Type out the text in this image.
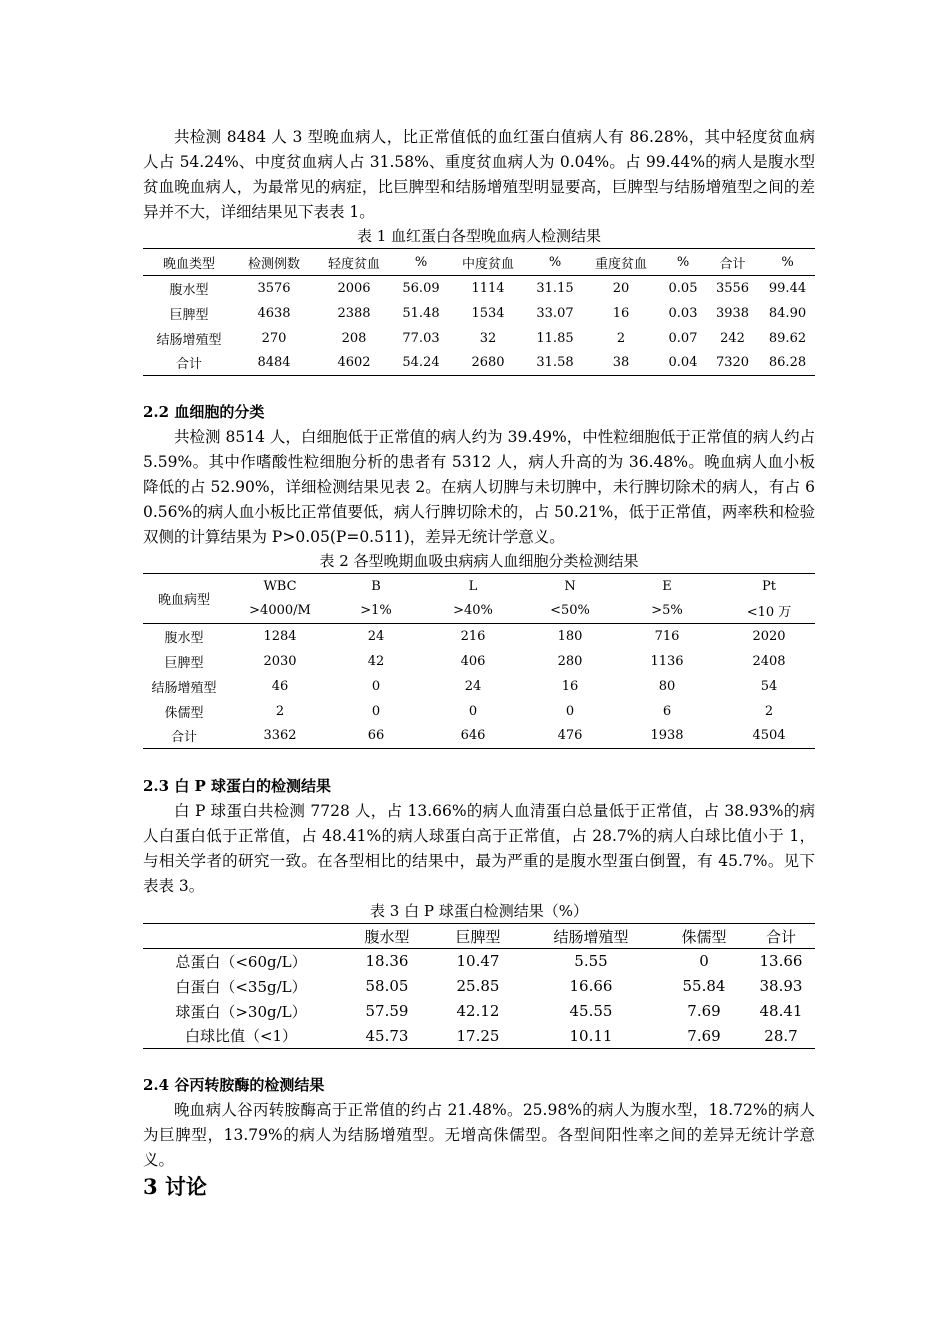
共检测 8484 人 3 型晚血病人，比正常值低的血红蛋白值病人有 86.28%，其中轻度贫血病人占 54.24%、中度贫血病人占 31.58%、重度贫血病人为 0.04%。占 99.44%的病人是腹水型贫血晚血病人，为最常见的病症，比巨脾型和结肠增殖型明显要高，巨脾型与结肠增殖型之间的差异并不大，详细结果见下表表 1。

表 1 血红蛋白各型晚血病人检测结果
晚血类型	检测例数	轻度贫血	%	中度贫血	%	重度贫血	%	合计	%
腹水型	3576	2006	56.09	1114	31.15	20	0.05	3556	99.44
巨脾型	4638	2388	51.48	1534	33.07	16	0.03	3938	84.90
结肠增殖型	270	208	77.03	32	11.85	2	0.07	242	89.62
合计	8484	4602	54.24	2680	31.58	38	0.04	7320	86.28

2.2 血细胞的分类

共检测 8514 人，白细胞低于正常值的病人约为 39.49%，中性粒细胞低于正常值的病人约占 5.59%。其中作嗜酸性粒细胞分析的患者有 5312 人，病人升高的为 36.48%。晚血病人血小板降低的占 52.90%，详细检测结果见表 2。在病人切脾与未切脾中，未行脾切除术的病人，有占 60.56%的病人血小板比正常值要低，病人行脾切除术的，占 50.21%，低于正常值，两率秩和检验双侧的计算结果为 P>0.05(P=0.511)，差异无统计学意义。

表 2 各型晚期血吸虫病病人血细胞分类检测结果
晚血病型	WBC	B	L	N	E	Pt
	>4000/M	>1%	>40%	<50%	>5%	<10 万
腹水型	1284	24	216	180	716	2020
巨脾型	2030	42	406	280	1136	2408
结肠增殖型	46	0	24	16	80	54
侏儒型	2	0	0	0	6	2
合计	3362	66	646	476	1938	4504

2.3 白 P 球蛋白的检测结果

白 P 球蛋白共检测 7728 人，占 13.66%的病人血清蛋白总量低于正常值，占 38.93%的病人白蛋白低于正常值，占 48.41%的病人球蛋白高于正常值，占 28.7%的病人白球比值小于 1，与相关学者的研究一致。在各型相比的结果中，最为严重的是腹水型蛋白倒置，有 45.7%。见下表表 3。

表 3 白 P 球蛋白检测结果（%）
	腹水型	巨脾型	结肠增殖型	侏儒型	合计
总蛋白（<60g/L）	18.36	10.47	5.55	0	13.66
白蛋白（<35g/L）	58.05	25.85	16.66	55.84	38.93
球蛋白（>30g/L）	57.59	42.12	45.55	7.69	48.41
白球比值（<1）	45.73	17.25	10.11	7.69	28.7

2.4 谷丙转胺酶的检测结果

晚血病人谷丙转胺酶高于正常值的约占 21.48%。25.98%的病人为腹水型，18.72%的病人为巨脾型，13.79%的病人为结肠增殖型。无增高侏儒型。各型间阳性率之间的差异无统计学意义。

3 讨论
